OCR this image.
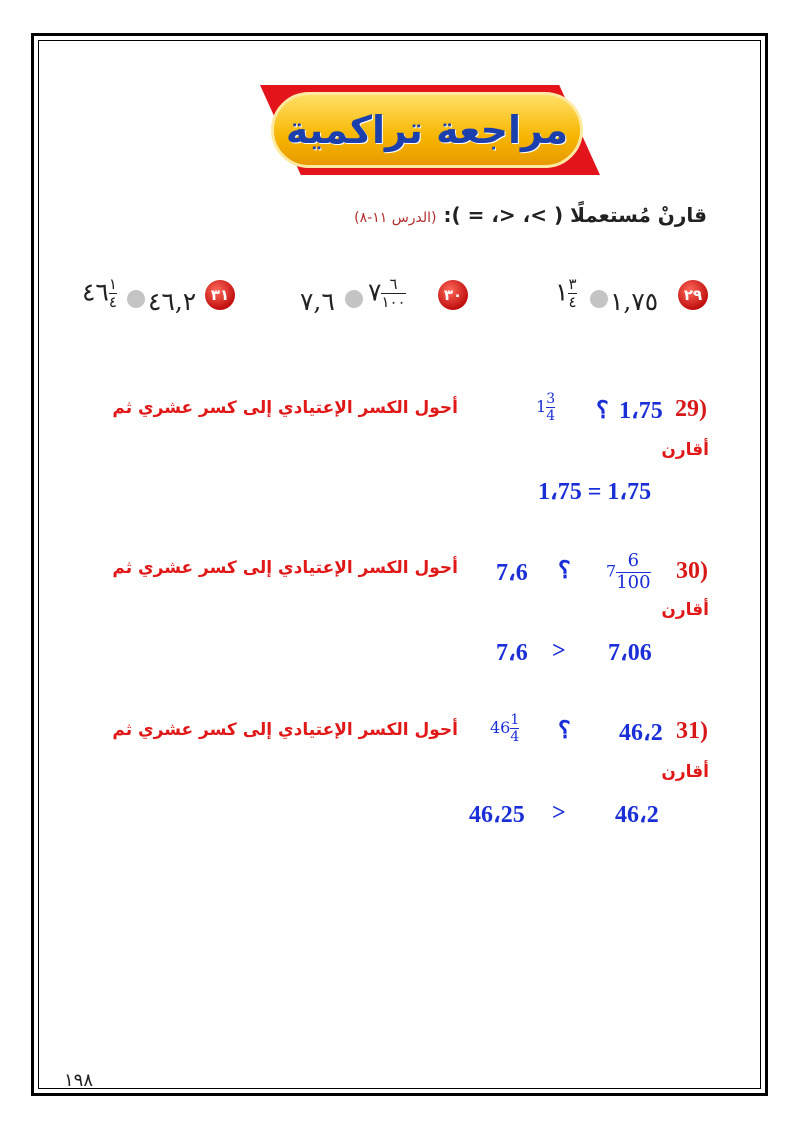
مراجعة تراكمية
قارنْ مُستعملًا ( >، <، = ): (الدرس ١١-٨)
٢٩
١,٧٥
١ $\frac{٣}{٤}$
٣٠
٧ $\frac{٦}{١٠٠}$
٧,٦
٣١
٤٦,٢
٤٦ $\frac{١}{٤}$
1،75 29)
؟
$1 \frac{3}{4}$
أحول الكسر الإعتيادي إلى كسر عشري ثم
أقارن
1،75 = 1،75
30)
$7 \frac{6}{100}$
؟
7،6
أحول الكسر الإعتيادي إلى كسر عشري ثم
أقارن
7،6 > 7،06
46،2 31)
؟
$46 \frac{1}{4}$
أحول الكسر الإعتيادي إلى كسر عشري ثم
أقارن
46،25 > 46،2
١٩٨
